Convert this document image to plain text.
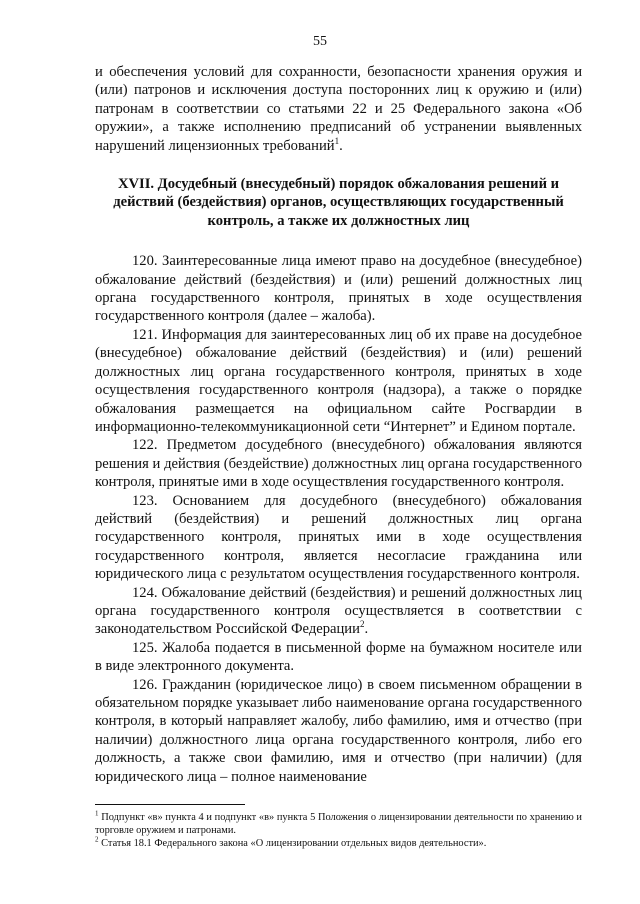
55

и обеспечения условий для сохранности, безопасности хранения оружия и (или) патронов и исключения доступа посторонних лиц к оружию и (или) патронам в соответствии со статьями 22 и 25 Федерального закона «Об оружии», а также исполнению предписаний об устранении выявленных нарушений лицензионных требований$^1$.

XVII. Досудебный (внесудебный) порядок обжалования решений и действий (бездействия) органов, осуществляющих государственный контроль, а также их должностных лиц

120. Заинтересованные лица имеют право на досудебное (внесудебное) обжалование действий (бездействия) и (или) решений должностных лиц органа государственного контроля, принятых в ходе осуществления государственного контроля (далее – жалоба).

121. Информация для заинтересованных лиц об их праве на досудебное (внесудебное) обжалование действий (бездействия) и (или) решений должностных лиц органа государственного контроля, принятых в ходе осуществления государственного контроля (надзора), а также о порядке обжалования размещается на официальном сайте Росгвардии в информационно-телекоммуникационной сети “Интернет” и Едином портале.

122. Предметом досудебного (внесудебного) обжалования являются решения и действия (бездействие) должностных лиц органа государственного контроля, принятые ими в ходе осуществления государственного контроля.

123. Основанием для досудебного (внесудебного) обжалования действий (бездействия) и решений должностных лиц органа государственного контроля, принятых ими в ходе осуществления государственного контроля, является несогласие гражданина или юридического лица с результатом осуществления государственного контроля.

124. Обжалование действий (бездействия) и решений должностных лиц органа государственного контроля осуществляется в соответствии с законодательством Российской Федерации$^2$.

125. Жалоба подается в письменной форме на бумажном носителе или в виде электронного документа.

126. Гражданин (юридическое лицо) в своем письменном обращении в обязательном порядке указывает либо наименование органа государственного контроля, в который направляет жалобу, либо фамилию, имя и отчество (при наличии) должностного лица органа государственного контроля, либо его должность, а также свои фамилию, имя и отчество (при наличии) (для юридического лица – полное наименование

$^1$ Подпункт «в» пункта 4 и подпункт «в» пункта 5 Положения о лицензировании деятельности по хранению и торговле оружием и патронами.

$^2$ Статья 18.1 Федерального закона «О лицензировании отдельных видов деятельности».
